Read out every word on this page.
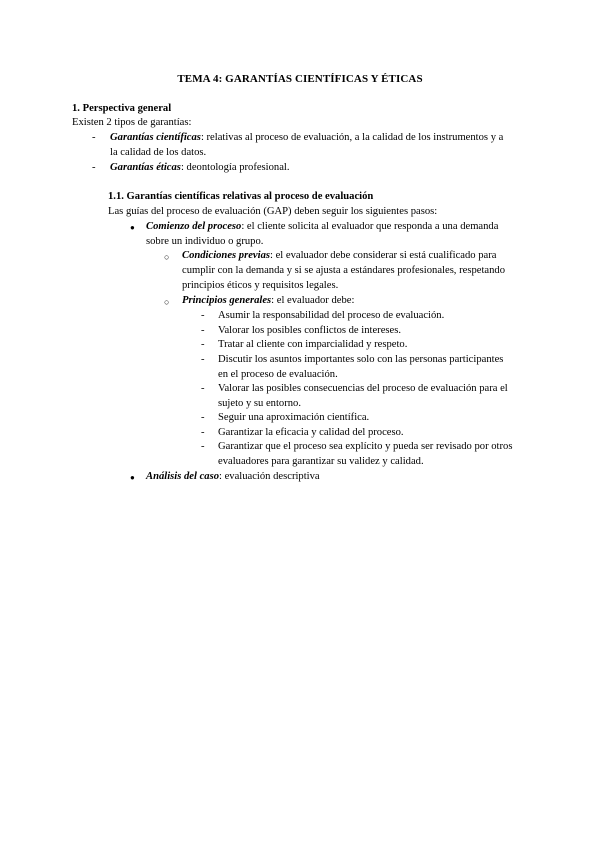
TEMA 4: GARANTÍAS CIENTÍFICAS Y ÉTICAS
1. Perspectiva general
Existen 2 tipos de garantías:
- Garantías científicas: relativas al proceso de evaluación, a la calidad de los instrumentos y a
la calidad de los datos.
- Garantías éticas: deontología profesional.
1.1. Garantías científicas relativas al proceso de evaluación
Las guías del proceso de evaluación (GAP) deben seguir los siguientes pasos:
● Comienzo del proceso: el cliente solicita al evaluador que responda a una demanda
sobre un individuo o grupo.
○ Condiciones previas: el evaluador debe considerar si está cualificado para
cumplir con la demanda y si se ajusta a estándares profesionales, respetando
principios éticos y requisitos legales.
○ Principios generales: el evaluador debe:
- Asumir la responsabilidad del proceso de evaluación.
- Valorar los posibles conflictos de intereses.
- Tratar al cliente con imparcialidad y respeto.
- Discutir los asuntos importantes solo con las personas participantes
en el proceso de evaluación.
- Valorar las posibles consecuencias del proceso de evaluación para el
sujeto y su entorno.
- Seguir una aproximación científica.
- Garantizar la eficacia y calidad del proceso.
- Garantizar que el proceso sea explícito y pueda ser revisado por otros
evaluadores para garantizar su validez y calidad.
● Análisis del caso: evaluación descriptiva
